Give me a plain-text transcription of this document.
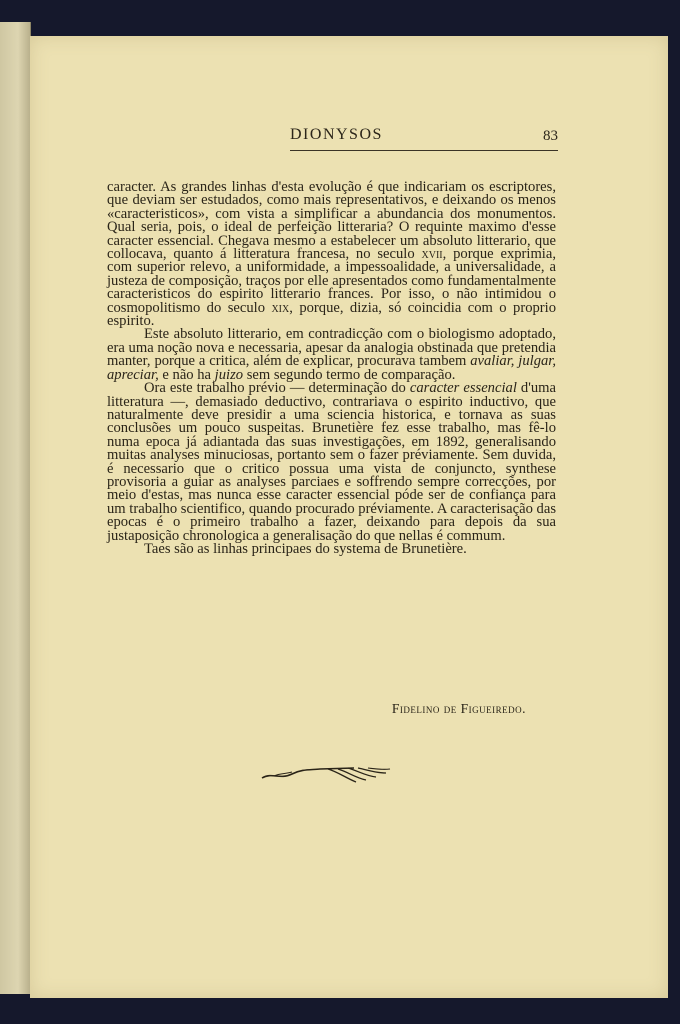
DIONYSOS	83

caracter. As grandes linhas d'esta evolução é que indicariam os escriptores, que deviam ser estudados, como mais representativos, e deixando os menos «caracteristicos», com vista a simplificar a abundancia dos monumentos. Qual seria, pois, o ideal de perfeição litteraria? O requinte maximo d'esse caracter essencial. Chegava mesmo a estabelecer um absoluto litterario, que collocava, quanto á litteratura francesa, no seculo xvii, porque exprimia, com superior relevo, a uniformidade, a impessoalidade, a universalidade, a justeza de composição, traços por elle apresentados como fundamentalmente caracteristicos do espirito litterario frances. Por isso, o não intimidou o cosmopolitismo do seculo xix, porque, dizia, só coincidia com o proprio espirito.

Este absoluto litterario, em contradicção com o biologismo adoptado, era uma noção nova e necessaria, apesar da analogia obstinada que pretendia manter, porque a critica, além de explicar, procurava tambem avaliar, julgar, apreciar, e não ha juizo sem segundo termo de comparação.

Ora este trabalho prévio — determinação do caracter essencial d'uma litteratura —, demasiado deductivo, contrariava o espirito inductivo, que naturalmente deve presidir a uma sciencia historica, e tornava as suas conclusões um pouco suspeitas. Brunetière fez esse trabalho, mas fê-lo numa epoca já adiantada das suas investigações, em 1892, generalisando muitas analyses minuciosas, portanto sem o fazer préviamente. Sem duvida, é necessario que o critico possua uma vista de conjuncto, synthese provisoria a guiar as analyses parciaes e soffrendo sempre correcções, por meio d'estas, mas nunca esse caracter essencial póde ser de confiança para um trabalho scientifico, quando procurado préviamente. A caracterisação das epocas é o primeiro trabalho a fazer, deixando para depois da sua justaposição chronologica a generalisação do que nellas é commum.

Taes são as linhas principaes do systema de Brunetière.

Fidelino de Figueiredo.
